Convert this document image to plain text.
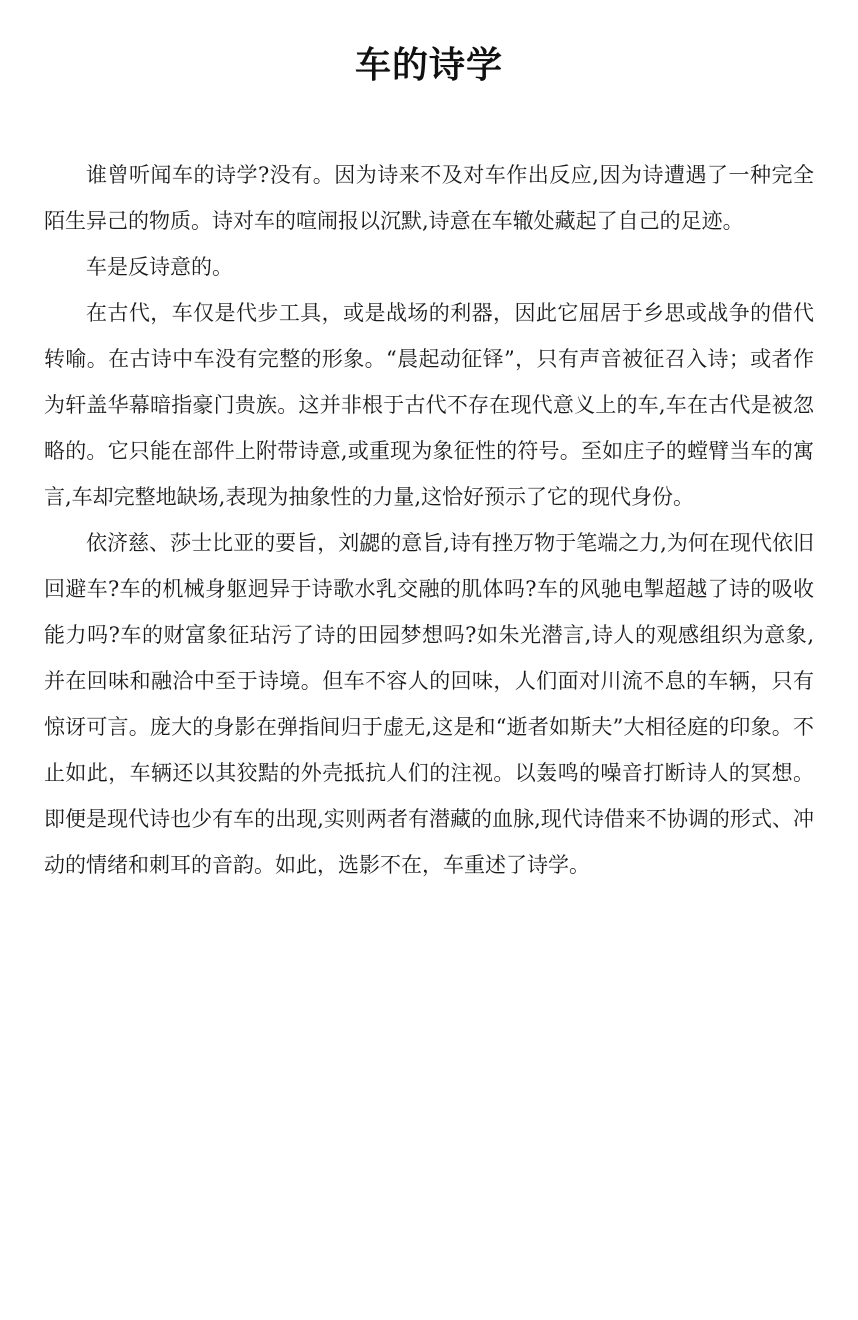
车的诗学

谁曾听闻车的诗学?没有。因为诗来不及对车作出反应,因为诗遭遇了一种完全陌生异己的物质。诗对车的喧闹报以沉默,诗意在车辙处藏起了自己的足迹。

车是反诗意的。

在古代，车仅是代步工具，或是战场的利器，因此它屈居于乡思或战争的借代转喻。在古诗中车没有完整的形象。“晨起动征铎”，只有声音被征召入诗；或者作为轩盖华幕暗指豪门贵族。这并非根于古代不存在现代意义上的车,车在古代是被忽略的。它只能在部件上附带诗意,或重现为象征性的符号。至如庄子的螳臂当车的寓言,车却完整地缺场,表现为抽象性的力量,这恰好预示了它的现代身份。

依济慈、莎士比亚的要旨，刘勰的意旨,诗有挫万物于笔端之力,为何在现代依旧回避车?车的机械身躯迥异于诗歌水乳交融的肌体吗?车的风驰电掣超越了诗的吸收能力吗?车的财富象征玷污了诗的田园梦想吗?如朱光潜言,诗人的观感组织为意象,并在回味和融洽中至于诗境。但车不容人的回味，人们面对川流不息的车辆，只有惊讶可言。庞大的身影在弹指间归于虚无,这是和“逝者如斯夫”大相径庭的印象。不止如此，车辆还以其狡黠的外壳抵抗人们的注视。以轰鸣的噪音打断诗人的冥想。即便是现代诗也少有车的出现,实则两者有潜藏的血脉,现代诗借来不协调的形式、冲动的情绪和刺耳的音韵。如此，选影不在，车重述了诗学。
